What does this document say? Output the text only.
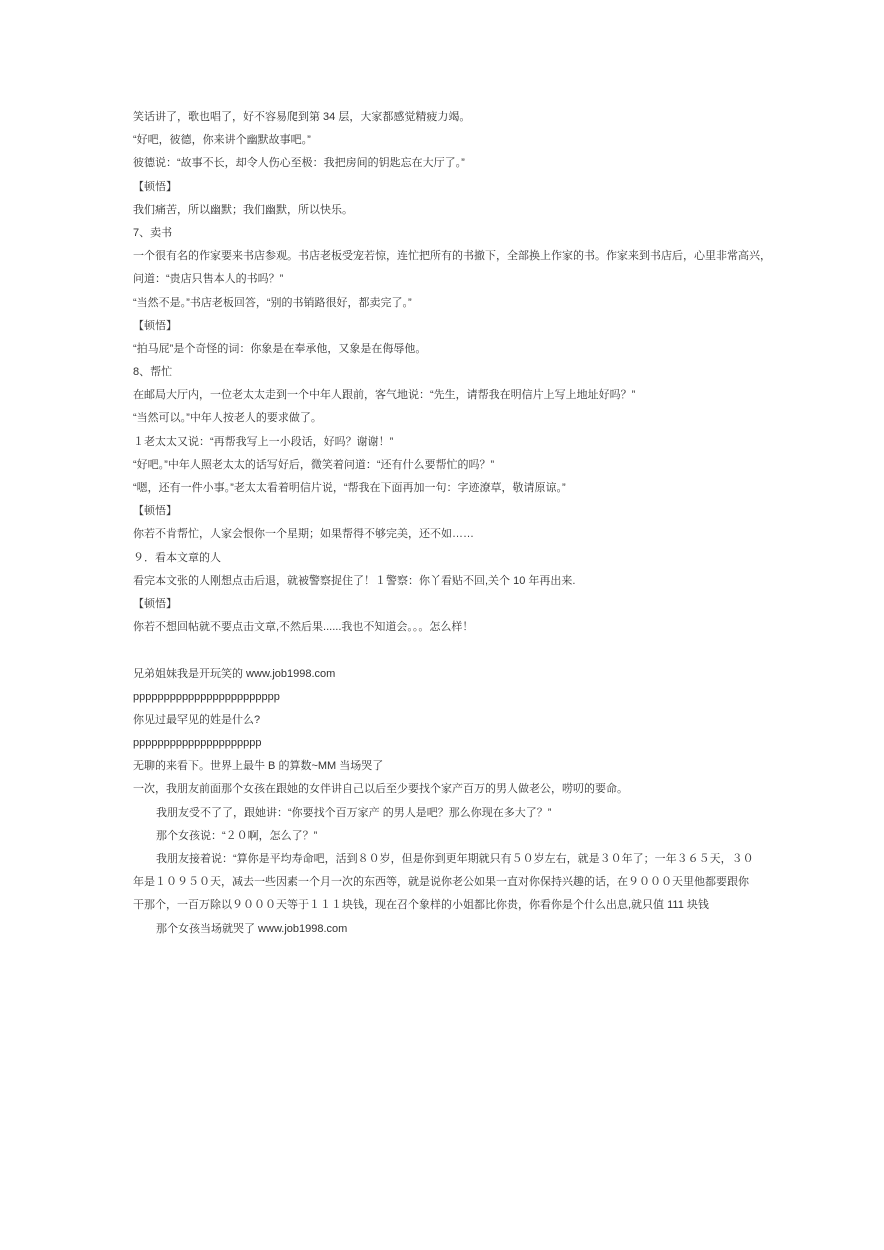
笑话讲了，歌也唱了，好不容易爬到第 34 层，大家都感觉精疲力竭。
“好吧，彼德，你来讲个幽默故事吧。”
彼德说：“故事不长，却令人伤心至极：我把房间的钥匙忘在大厅了。”
【顿悟】
我们痛苦，所以幽默；我们幽默，所以快乐。
7、卖书
一个很有名的作家要来书店参观。书店老板受宠若惊，连忙把所有的书撤下，全部换上作家的书。作家来到书店后，心里非常高兴，
问道：“贵店只售本人的书吗？”
“当然不是。”书店老板回答，“别的书销路很好，都卖完了。”
【顿悟】
“拍马屁”是个奇怪的词：你象是在奉承他，又象是在侮辱他。
8、帮忙
在邮局大厅内，一位老太太走到一个中年人跟前，客气地说：“先生，请帮我在明信片上写上地址好吗？”
“当然可以。”中年人按老人的要求做了。
１老太太又说：“再帮我写上一小段话，好吗？谢谢！”
“好吧。”中年人照老太太的话写好后，微笑着问道：“还有什么要帮忙的吗？”
“嗯，还有一件小事。”老太太看着明信片说，“帮我在下面再加一句：字迹潦草，敬请原谅。”
【顿悟】
你若不肯帮忙，人家会恨你一个星期；如果帮得不够完美，还不如……
９．看本文章的人
看完本文张的人刚想点击后退，就被警察捉住了！１警察：你丫看贴不回,关个 10 年再出来.
【顿悟】
你若不想回帖就不要点击文章,不然后果......我也不知道会。。。怎么样！
兄弟姐妹我是开玩笑的 www.job1998.com
pppppppppppppppppppppppp
你见过最罕见的姓是什么?
ppppppppppppppppppppp
无聊的来看下。世界上最牛 B 的算数~MM 当场哭了
一次，我朋友前面那个女孩在跟她的女伴讲自己以后至少要找个家产百万的男人做老公，唠叨的要命。
我朋友受不了了，跟她讲：“你要找个百万家产 的男人是吧？那么你现在多大了？”
那个女孩说：“２０啊，怎么了？”
我朋友接着说：“算你是平均寿命吧，活到８０岁，但是你到更年期就只有５０岁左右，就是３０年了；一年３６５天，３０
年是１０９５０天，减去一些因素一个月一次的东西等，就是说你老公如果一直对你保持兴趣的话，在９０００天里他都要跟你
干那个，一百万除以９０００天等于１１１块钱，现在召个象样的小姐都比你贵，你看你是个什么出息,就只值 111 块钱
那个女孩当场就哭了 www.job1998.com
